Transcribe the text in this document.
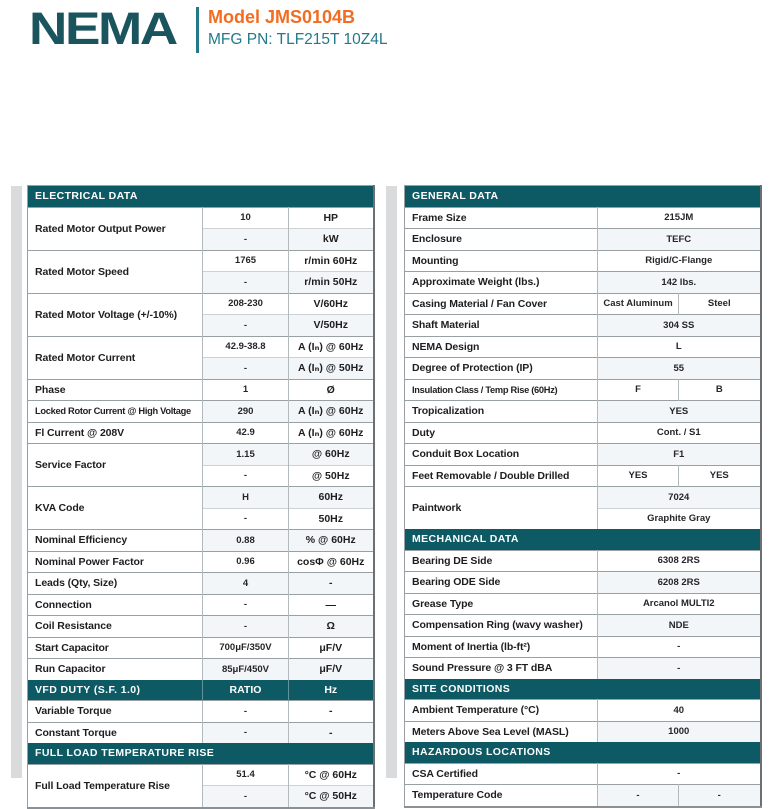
NEMA Model JMS0104B
MFG PN: TLF215T 10Z4L
ELECTRICAL DATA		
Rated Motor Output Power	10	HP
	-	kW
Rated Motor Speed	1765	r/min 60Hz
	-	r/min 50Hz
Rated Motor Voltage (+/-10%)	208-230	V/60Hz
	-	V/50Hz
Rated Motor Current	42.9-38.8	A (Iₙ) @ 60Hz
	-	A (Iₙ) @ 50Hz
Phase	1	Ø
Locked Rotor Current @ High Voltage	290	A (Iₙ) @ 60Hz
Fl Current @ 208V	42.9	A (Iₙ) @ 60Hz
Service Factor	1.15	@ 60Hz
	-	@ 50Hz
KVA Code	H	60Hz
	-	50Hz
Nominal Efficiency	0.88	% @ 60Hz
Nominal Power Factor	0.96	cosΦ @ 60Hz
Leads (Qty, Size)	4	-
Connection	-	—
Coil Resistance	-	Ω
Start Capacitor	700μF/350V	μF/V
Run Capacitor	85μF/450V	μF/V
VFD DUTY (S.F. 1.0)	RATIO	Hz
Variable Torque	-	-
Constant Torque	-	-
FULL LOAD TEMPERATURE RISE		
Full Load Temperature Rise	51.4	°C @ 60Hz
	-	°C @ 50Hz
GENERAL DATA		
Frame Size	215JM	
Enclosure	TEFC	
Mounting	Rigid/C-Flange	
Approximate Weight (lbs.)	142 lbs.	
Casing Material / Fan Cover	Cast Aluminum	Steel
Shaft Material	304 SS	
NEMA Design	L	
Degree of Protection (IP)	55	
Insulation Class / Temp Rise (60Hz)	F	B
Tropicalization	YES	
Duty	Cont. / S1	
Conduit Box Location	F1	
Feet Removable / Double Drilled	YES	YES
Paintwork	7024	
	Graphite Gray	
MECHANICAL DATA		
Bearing DE Side	6308 2RS	
Bearing ODE Side	6208 2RS	
Grease Type	Arcanol MULTI2	
Compensation Ring (wavy washer)	NDE	
Moment of Inertia (lb-ft²)	-	
Sound Pressure @ 3 FT dBA	-	
SITE CONDITIONS		
Ambient Temperature (°C)	40	
Meters Above Sea Level (MASL)	1000	
HAZARDOUS LOCATIONS		
CSA Certified	-	
Temperature Code	-	-
